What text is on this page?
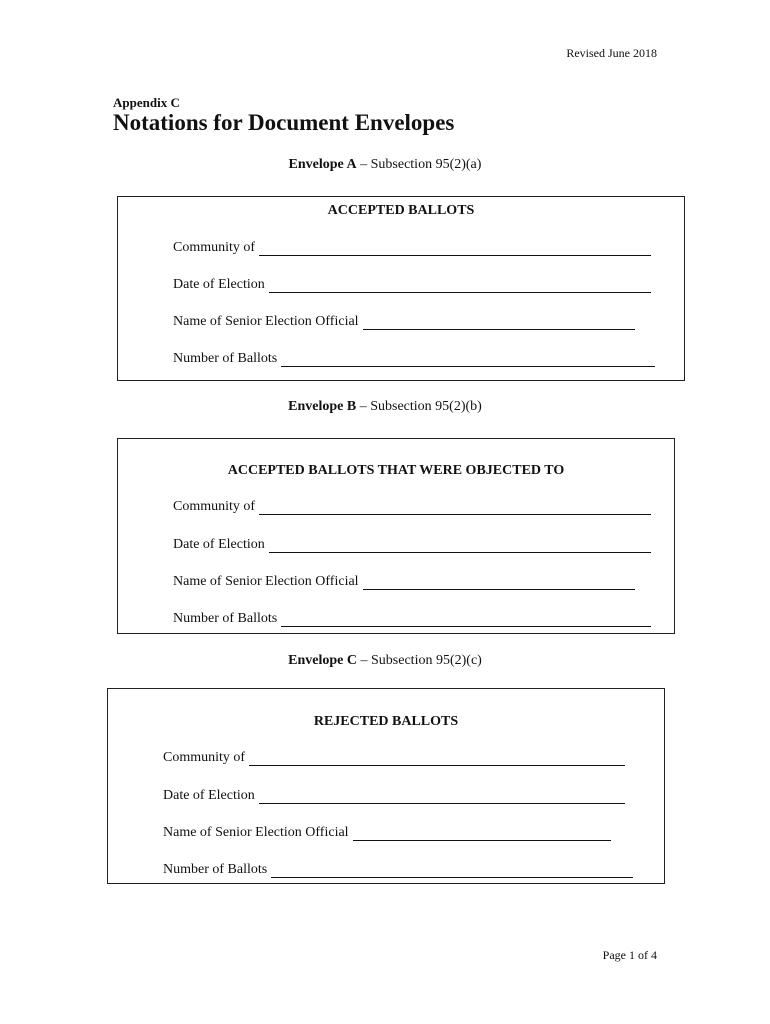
Revised June 2018
Appendix C
Notations for Document Envelopes
Envelope A – Subsection 95(2)(a)
ACCEPTED BALLOTS
Community of
Date of Election
Name of Senior Election Official
Number of Ballots
Envelope B – Subsection 95(2)(b)
ACCEPTED BALLOTS THAT WERE OBJECTED TO
Community of
Date of Election
Name of Senior Election Official
Number of Ballots
Envelope C – Subsection 95(2)(c)
REJECTED BALLOTS
Community of
Date of Election
Name of Senior Election Official
Number of Ballots
Page 1 of 4
